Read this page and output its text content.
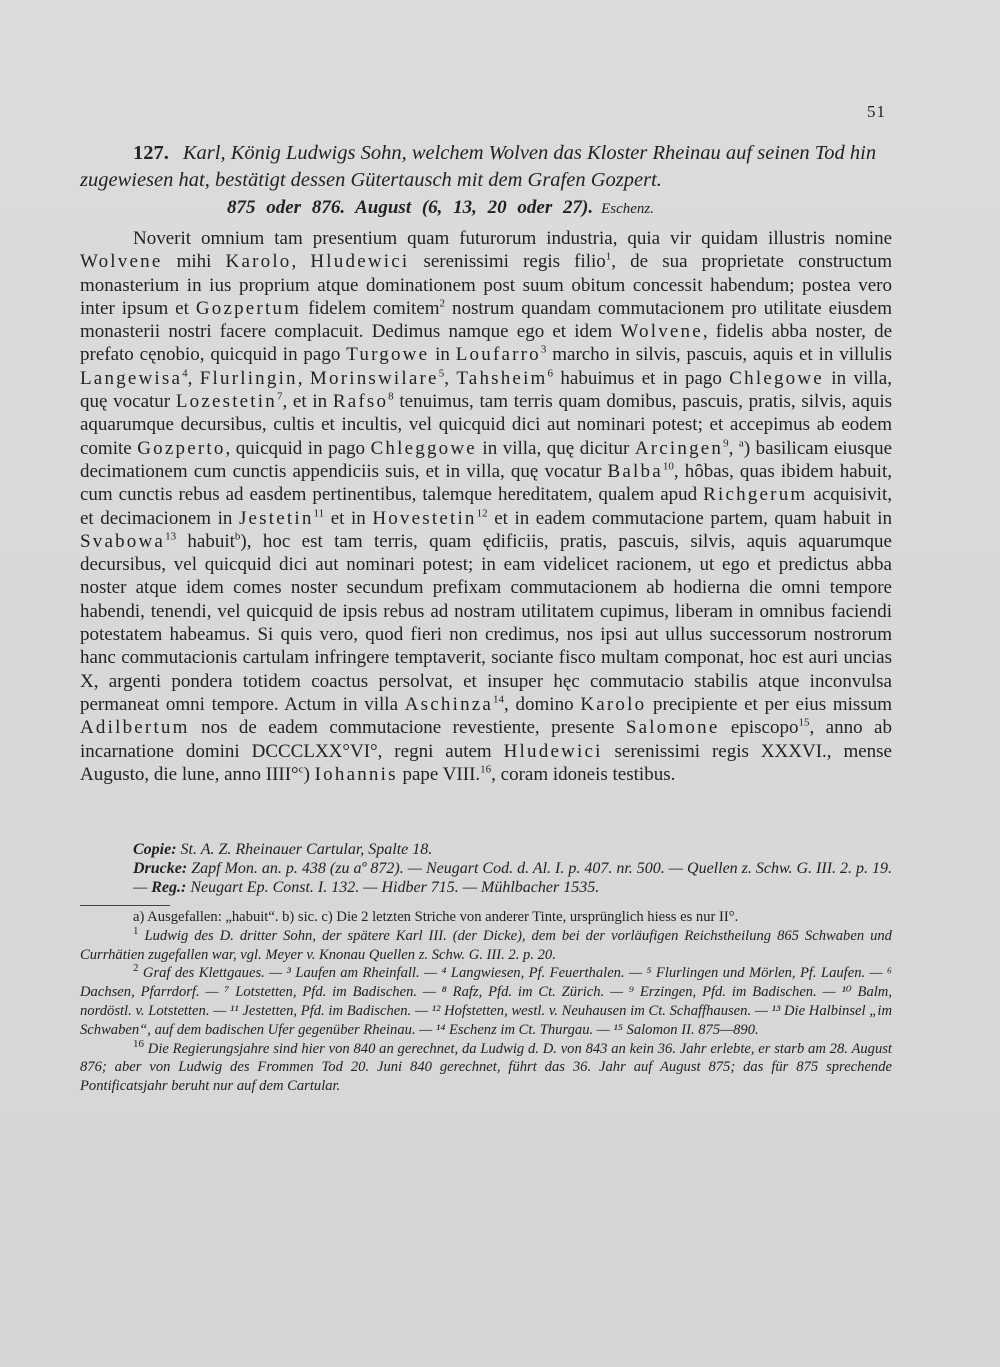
51
127. Karl, König Ludwigs Sohn, welchem Wolven das Kloster Rheinau auf seinen Tod hin zugewiesen hat, bestätigt dessen Gütertausch mit dem Grafen Gozpert.
875 oder 876. August (6, 13, 20 oder 27). Eschenz.
Noverit omnium tam presentium quam futurorum industria, quia vir quidam illustris nomine Wolvene mihi Karolo, Hludewici serenissimi regis filio$^1$, de sua proprietate constructum monasterium in ius proprium atque dominationem post suum obitum concessit habendum; postea vero inter ipsum et Gozpertum fidelem comitem$^2$ nostrum quandam commutacionem pro utilitate eiusdem monasterii nostri facere complacuit. Dedimus namque ego et idem Wolvene, fidelis abba noster, de prefato cęnobio, quicquid in pago Turgowe in Loufarro$^3$ marcho in silvis, pascuis, aquis et in villulis Langewisa$^4$, Flurlingin, Morinswilare$^5$, Tahsheim$^6$ habuimus et in pago Chlegowe in villa, quę vocatur Lozestetin$^7$, et in Rafso$^8$ tenuimus, tam terris quam domibus, pascuis, pratis, silvis, aquis aquarumque decursibus, cultis et incultis, vel quicquid dici aut nominari potest; et accepimus ab eodem comite Gozperto, quicquid in pago Chleggowe in villa, quę dicitur Arcingen$^9$, $^a$) basilicam eiusque decimationem cum cunctis appendiciis suis, et in villa, quę vocatur Balba$^{10}$, hȏbas, quas ibidem habuit, cum cunctis rebus ad easdem pertinentibus, talemque hereditatem, qualem apud Richgerum acquisivit, et decimacionem in Jestetin$^{11}$ et in Hovestetin$^{12}$ et in eadem commutacione partem, quam habuit in Svabowa$^{13}$ habuit$^b$), hoc est tam terris, quam ędificiis, pratis, pascuis, silvis, aquis aquarumque decursibus, vel quicquid dici aut nominari potest; in eam videlicet racionem, ut ego et predictus abba noster atque idem comes noster secundum prefixam commutacionem ab hodierna die omni tempore habendi, tenendi, vel quicquid de ipsis rebus ad nostram utilitatem cupimus, liberam in omnibus faciendi potestatem habeamus. Si quis vero, quod fieri non credimus, nos ipsi aut ullus successorum nostrorum hanc commutacionis cartulam infringere temptaverit, sociante fisco multam componat, hoc est auri uncias X, argenti pondera totidem coactus persolvat, et insuper hęc commutacio stabilis atque inconvulsa permaneat omni tempore. Actum in villa Aschinza$^{14}$, domino Karolo precipiente et per eius missum Adilbertum nos de eadem commutacione revestiente, presente Salomone episcopo$^{15}$, anno ab incarnatione domini DCCCLXX°VI°, regni autem Hludewici serenissimi regis XXXVI., mense Augusto, die lune, anno IIII°$^c$) Iohannis pape VIII.$^{16}$, coram idoneis testibus.
Copie: St. A. Z. Rheinauer Cartular, Spalte 18.
Drucke: Zapf Mon. an. p. 438 (zu aº 872). — Neugart Cod. d. Al. I. p. 407. nr. 500. — Quellen z. Schw. G. III. 2. p. 19. — Reg.: Neugart Ep. Const. I. 132. — Hidber 715. — Mühlbacher 1535.

a) Ausgefallen: „habuit“. b) sic. c) Die 2 letzten Striche von anderer Tinte, ursprünglich hiess es nur II°.

$^1$ Ludwig des D. dritter Sohn, der spätere Karl III. (der Dicke), dem bei der vorläufigen Reichstheilung 865 Schwaben und Currhätien zugefallen war, vgl. Meyer v. Knonau Quellen z. Schw. G. III. 2. p. 20.

$^2$ Graf des Klettgaues. — ³ Laufen am Rheinfall. — ⁴ Langwiesen, Pf. Feuerthalen. — ⁵ Flurlingen und Mörlen, Pf. Laufen. — ⁶ Dachsen, Pfarrdorf. — ⁷ Lotstetten, Pfd. im Badischen. — ⁸ Rafz, Pfd. im Ct. Zürich. — ⁹ Erzingen, Pfd. im Badischen. — ¹⁰ Balm, nordöstl. v. Lotstetten. — ¹¹ Jestetten, Pfd. im Badischen. — ¹² Hofstetten, westl. v. Neuhausen im Ct. Schaffhausen. — ¹³ Die Halbinsel „im Schwaben“, auf dem badischen Ufer gegenüber Rheinau. — ¹⁴ Eschenz im Ct. Thurgau. — ¹⁵ Salomon II. 875—890.

$^{16}$ Die Regierungsjahre sind hier von 840 an gerechnet, da Ludwig d. D. von 843 an kein 36. Jahr erlebte, er starb am 28. August 876; aber von Ludwig des Frommen Tod 20. Juni 840 gerechnet, führt das 36. Jahr auf August 875; das für 875 sprechende Pontificatsjahr beruht nur auf dem Cartular.
